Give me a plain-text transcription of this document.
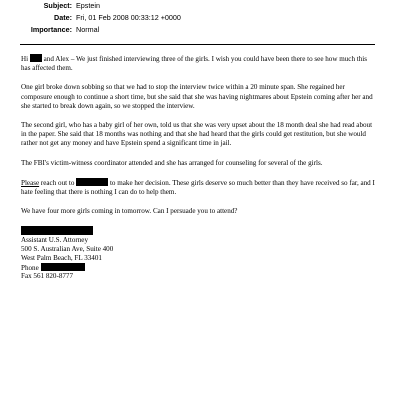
Subject: Epstein
Date: Fri, 01 Feb 2008 00:33:12 +0000
Importance: Normal

Hi and Alex – We just finished interviewing three of the girls. I wish you could have been there to see how much this has affected them.

One girl broke down sobbing so that we had to stop the interview twice within a 20 minute span. She regained her composure enough to continue a short time, but she said that she was having nightmares about Epstein coming after her and she started to break down again, so we stopped the interview.

The second girl, who has a baby girl of her own, told us that she was very upset about the 18 month deal she had read about in the paper. She said that 18 months was nothing and that she had heard that the girls could get restitution, but she would rather not get any money and have Epstein spend a significant time in jail.

The FBI's victim-witness coordinator attended and she has arranged for counseling for several of the girls.

Please reach out to	to make her decision. These girls deserve so much better than they have received so far, and I hate feeling that there is nothing I can do to help them.

We have four more girls coming in tomorrow. Can I persuade you to attend?

Assistant U.S. Attorney
500 S. Australian Ave, Suite 400
West Palm Beach, FL 33401
Phone
Fax 561 820-8777
